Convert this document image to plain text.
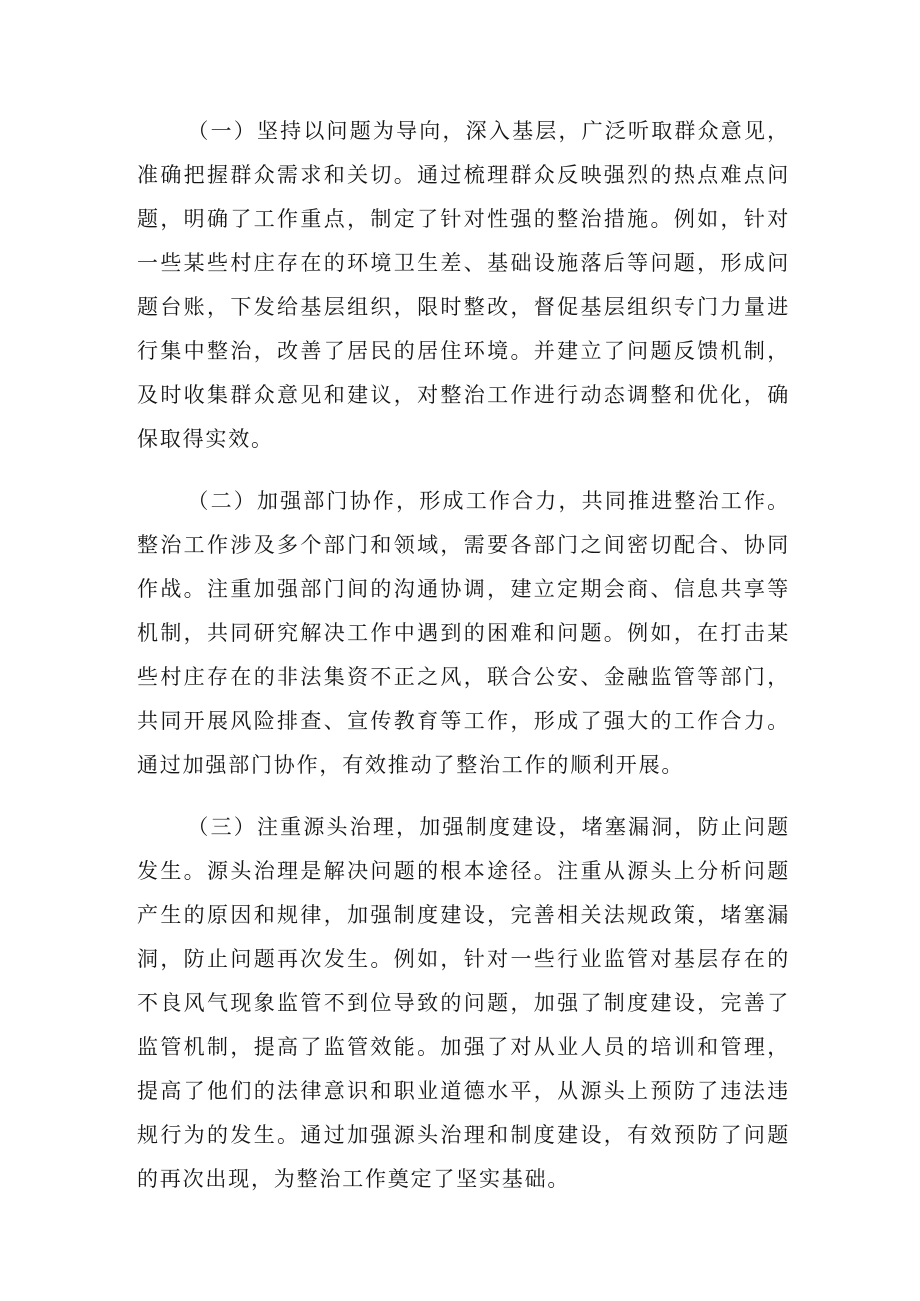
（一）坚持以问题为导向，深入基层，广泛听取群众意见，准确把握群众需求和关切。通过梳理群众反映强烈的热点难点问题，明确了工作重点，制定了针对性强的整治措施。例如，针对一些某些村庄存在的环境卫生差、基础设施落后等问题，形成问题台账，下发给基层组织，限时整改，督促基层组织专门力量进行集中整治，改善了居民的居住环境。并建立了问题反馈机制，及时收集群众意见和建议，对整治工作进行动态调整和优化，确保取得实效。

（二）加强部门协作，形成工作合力，共同推进整治工作。整治工作涉及多个部门和领域，需要各部门之间密切配合、协同作战。注重加强部门间的沟通协调，建立定期会商、信息共享等机制，共同研究解决工作中遇到的困难和问题。例如，在打击某些村庄存在的非法集资不正之风，联合公安、金融监管等部门，共同开展风险排查、宣传教育等工作，形成了强大的工作合力。通过加强部门协作，有效推动了整治工作的顺利开展。

（三）注重源头治理，加强制度建设，堵塞漏洞，防止问题发生。源头治理是解决问题的根本途径。注重从源头上分析问题产生的原因和规律，加强制度建设，完善相关法规政策，堵塞漏洞，防止问题再次发生。例如，针对一些行业监管对基层存在的不良风气现象监管不到位导致的问题，加强了制度建设，完善了监管机制，提高了监管效能。加强了对从业人员的培训和管理，提高了他们的法律意识和职业道德水平，从源头上预防了违法违规行为的发生。通过加强源头治理和制度建设，有效预防了问题的再次出现，为整治工作奠定了坚实基础。
